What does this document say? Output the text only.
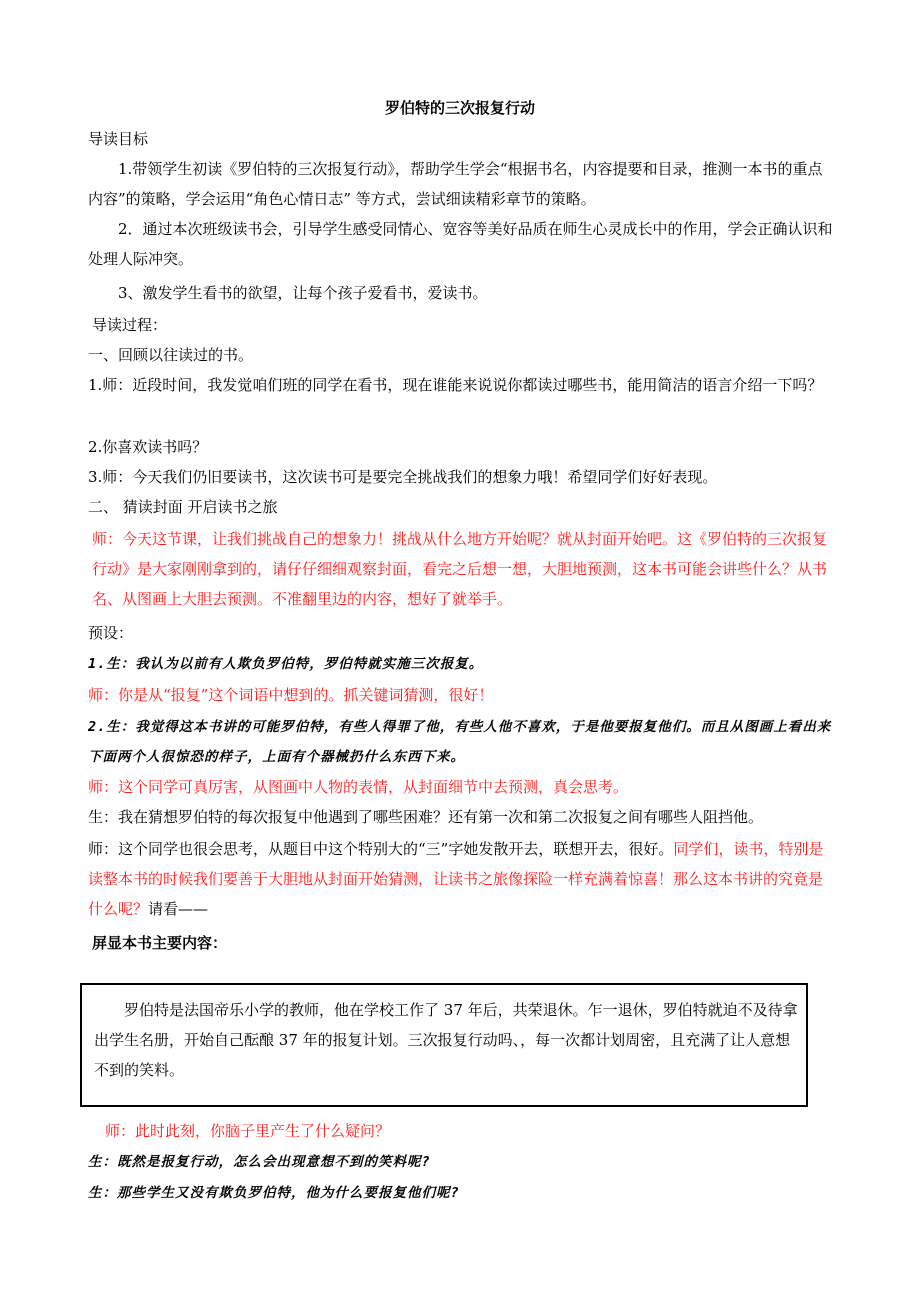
罗伯特的三次报复行动

导读目标

1.带领学生初读《罗伯特的三次报复行动》，帮助学生学会“根据书名，内容提要和目录，推测一本书的重点内容”的策略，学会运用“角色心情日志” 等方式，尝试细读精彩章节的策略。

2．通过本次班级读书会，引导学生感受同情心、宽容等美好品质在师生心灵成长中的作用，学会正确认识和处理人际冲突。

3、激发学生看书的欲望，让每个孩子爱看书，爱读书。

导读过程：

一、回顾以往读过的书。

1.师：近段时间，我发觉咱们班的同学在看书，现在谁能来说说你都读过哪些书，能用简洁的语言介绍一下吗？

2.你喜欢读书吗？

3.师：今天我们仍旧要读书，这次读书可是要完全挑战我们的想象力哦！希望同学们好好表现。

二、 猜读封面 开启读书之旅

师：今天这节课，让我们挑战自己的想象力！挑战从什么地方开始呢？就从封面开始吧。这《罗伯特的三次报复行动》是大家刚刚拿到的，请仔仔细细观察封面，看完之后想一想，大胆地预测，这本书可能会讲些什么？从书名、从图画上大胆去预测。不准翻里边的内容，想好了就举手。

预设：

1.生：我认为以前有人欺负罗伯特，罗伯特就实施三次报复。

师：你是从“报复”这个词语中想到的。抓关键词猜测，很好！

2.生：我觉得这本书讲的可能罗伯特，有些人得罪了他，有些人他不喜欢，于是他要报复他们。而且从图画上看出来下面两个人很惊恐的样子，上面有个器械扔什么东西下来。

师：这个同学可真厉害，从图画中人物的表情，从封面细节中去预测，真会思考。

生：我在猜想罗伯特的每次报复中他遇到了哪些困难？还有第一次和第二次报复之间有哪些人阻挡他。

师：这个同学也很会思考，从题目中这个特别大的“三”字她发散开去，联想开去，很好。同学们，读书，特别是读整本书的时候我们要善于大胆地从封面开始猜测，让读书之旅像探险一样充满着惊喜！那么这本书讲的究竟是什么呢？请看——

屏显本书主要内容：

罗伯特是法国帝乐小学的教师，他在学校工作了 37 年后，共荣退休。乍一退休，罗伯特就迫不及待拿出学生名册，开始自己酝酿 37 年的报复计划。三次报复行动吗、，每一次都计划周密，且充满了让人意想不到的笑料。

师：此时此刻，你脑子里产生了什么疑问？

生：既然是报复行动，怎么会出现意想不到的笑料呢?

生：那些学生又没有欺负罗伯特，他为什么要报复他们呢?
